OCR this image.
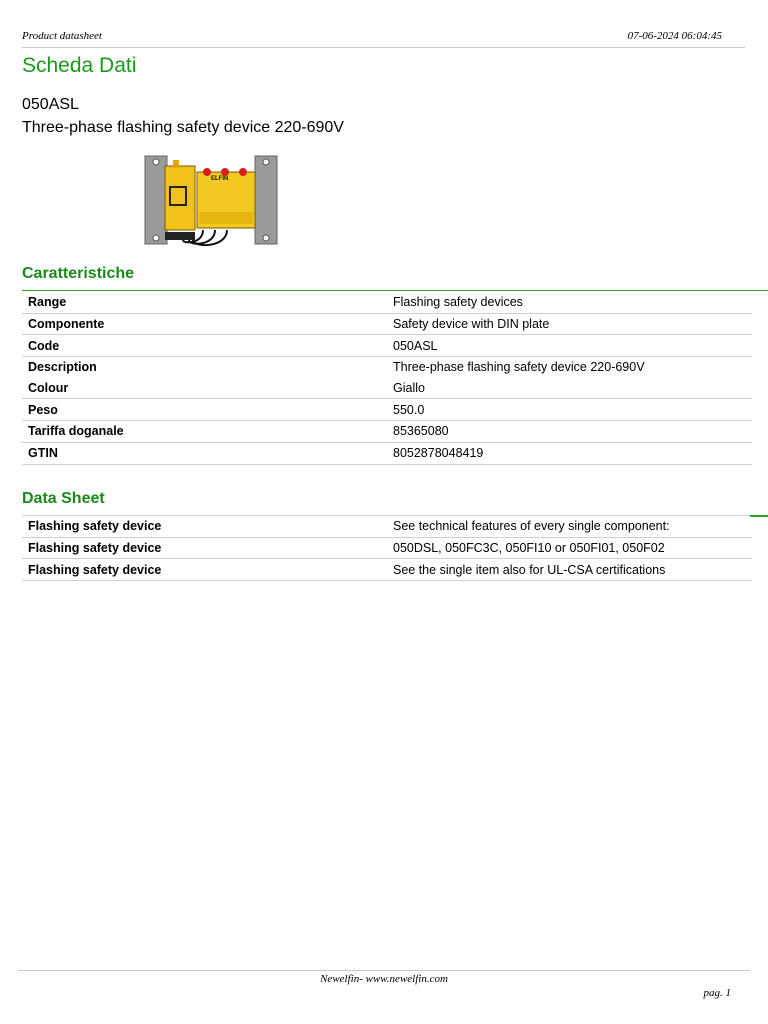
Product datasheet	07-06-2024 06:04:45
Scheda Dati
050ASL
Three-phase flashing safety device 220-690V
ELFIN
Caratteristiche
Range	Flashing safety devices
Componente	Safety device with DIN plate
Code	050ASL
Description	Three-phase flashing safety device 220-690V
Colour	Giallo
Peso	550.0
Tariffa doganale	85365080
GTIN	8052878048419
Data Sheet
Flashing safety device	See technical features of every single component:
Flashing safety device	050DSL, 050FC3C, 050FI10 or 050FI01, 050F02
Flashing safety device	See the single item also for UL-CSA certifications
Newelfin- www.newelfin.com
pag. 1
